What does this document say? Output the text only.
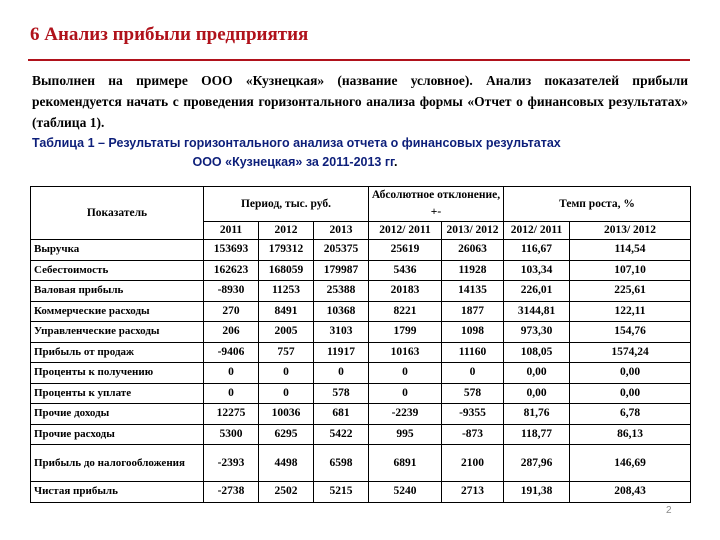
6 Анализ прибыли предприятия
Выполнен на примере ООО «Кузнецкая» (название условное). Анализ показателей прибыли рекомендуется начать с проведения горизонтального анализа формы «Отчет о финансовых результатах» (таблица 1).
Таблица 1 – Результаты горизонтального анализа отчета о финансовых результатах
ООО «Кузнецкая» за 2011-2013 гг.
Показатель	Период, тыс. руб.			Абсолютное отклонение, +-		Темп роста, %	
	2011	2012	2013	2012/ 2011	2013/ 2012	2012/ 2011	2013/ 2012
Выручка	153693	179312	205375	25619	26063	116,67	114,54
Себестоимость	162623	168059	179987	5436	11928	103,34	107,10
Валовая прибыль	-8930	11253	25388	20183	14135	226,01	225,61
Коммерческие расходы	270	8491	10368	8221	1877	3144,81	122,11
Управленческие расходы	206	2005	3103	1799	1098	973,30	154,76
Прибыль от продаж	-9406	757	11917	10163	11160	108,05	1574,24
Проценты к получению	0	0	0	0	0	0,00	0,00
Проценты к уплате	0	0	578	0	578	0,00	0,00
Прочие доходы	12275	10036	681	-2239	-9355	81,76	6,78
Прочие расходы	5300	6295	5422	995	-873	118,77	86,13
Прибыль до налогообложения	-2393	4498	6598	6891	2100	287,96	146,69
Чистая прибыль	-2738	2502	5215	5240	2713	191,38	208,43
2
